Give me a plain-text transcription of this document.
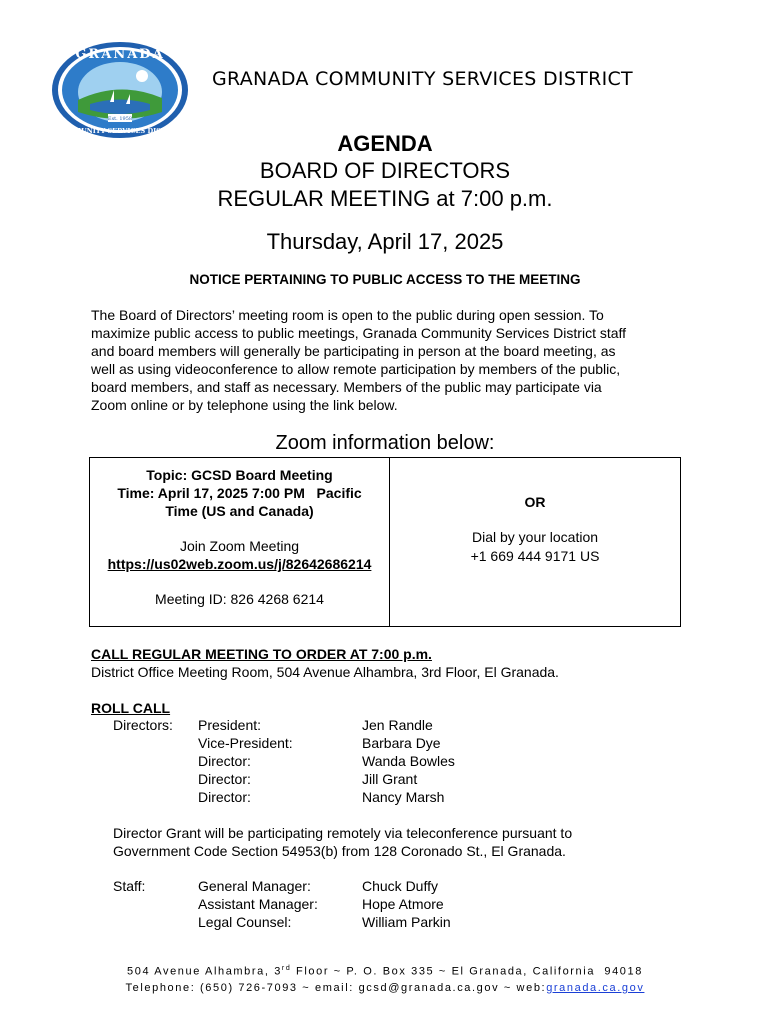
Est. 1958
GRANADA
COMMUNITY SERVICES DISTRICT
GRANADA COMMUNITY SERVICES DISTRICT
AGENDA
BOARD OF DIRECTORS
REGULAR MEETING at 7:00 p.m.
Thursday, April 17, 2025
NOTICE PERTAINING TO PUBLIC ACCESS TO THE MEETING
The Board of Directors’ meeting room is open to the public during open session. To
maximize public access to public meetings, Granada Community Services District staff
and board members will generally be participating in person at the board meeting, as
well as using videoconference to allow remote participation by members of the public,
board members, and staff as necessary. Members of the public may participate via
Zoom online or by telephone using the link below.
Zoom information below:
Topic: GCSD Board Meeting
Time: April 17, 2025 7:00 PM   Pacific
Time (US and Canada)
Join Zoom Meeting
https://us02web.zoom.us/j/82642686214
Meeting ID: 826 4268 6214
OR
Dial by your location
+1 669 444 9171 US
CALL REGULAR MEETING TO ORDER AT 7:00 p.m.
District Office Meeting Room, 504 Avenue Alhambra, 3rd Floor, El Granada.
ROLL CALL
Directors: President:	Jen Randle
Vice-President:	Barbara Dye
Director:	Wanda Bowles
Director:	Jill Grant
Director:	Nancy Marsh
Director Grant will be participating remotely via teleconference pursuant to
Government Code Section 54953(b) from 128 Coronado St., El Granada.
Staff:	General Manager:	Chuck Duffy
Assistant Manager:	Hope Atmore
Legal Counsel:	William Parkin
504 Avenue Alhambra, 3rd Floor ~ P. O. Box 335 ~ El Granada, California  94018
Telephone: (650) 726-7093 ~ email: gcsd@granada.ca.gov ~ web:granada.ca.gov
